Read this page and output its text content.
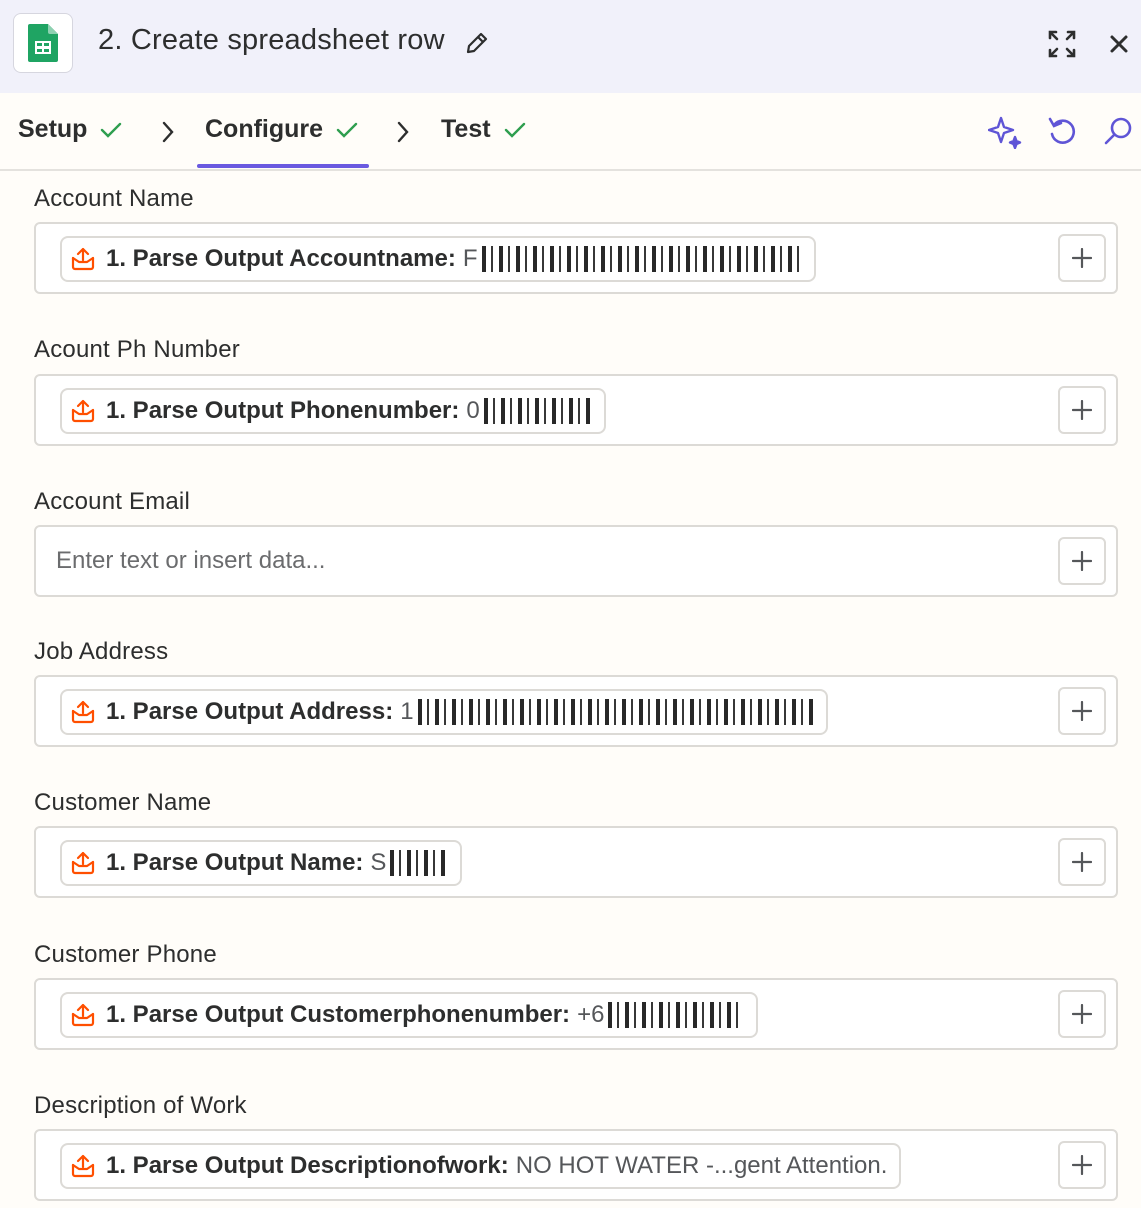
2. Create spreadsheet row
Setup	Configure	Test
Account Name
1. Parse Output Accountname: F
Acount Ph Number
1. Parse Output Phonenumber: 0
Account Email
Enter text or insert data...
Job Address
1. Parse Output Address: 1
Customer Name
1. Parse Output Name: S
Customer Phone
1. Parse Output Customerphonenumber: +6
Description of Work
1. Parse Output Descriptionofwork: NO HOT WATER -...gent Attention.
